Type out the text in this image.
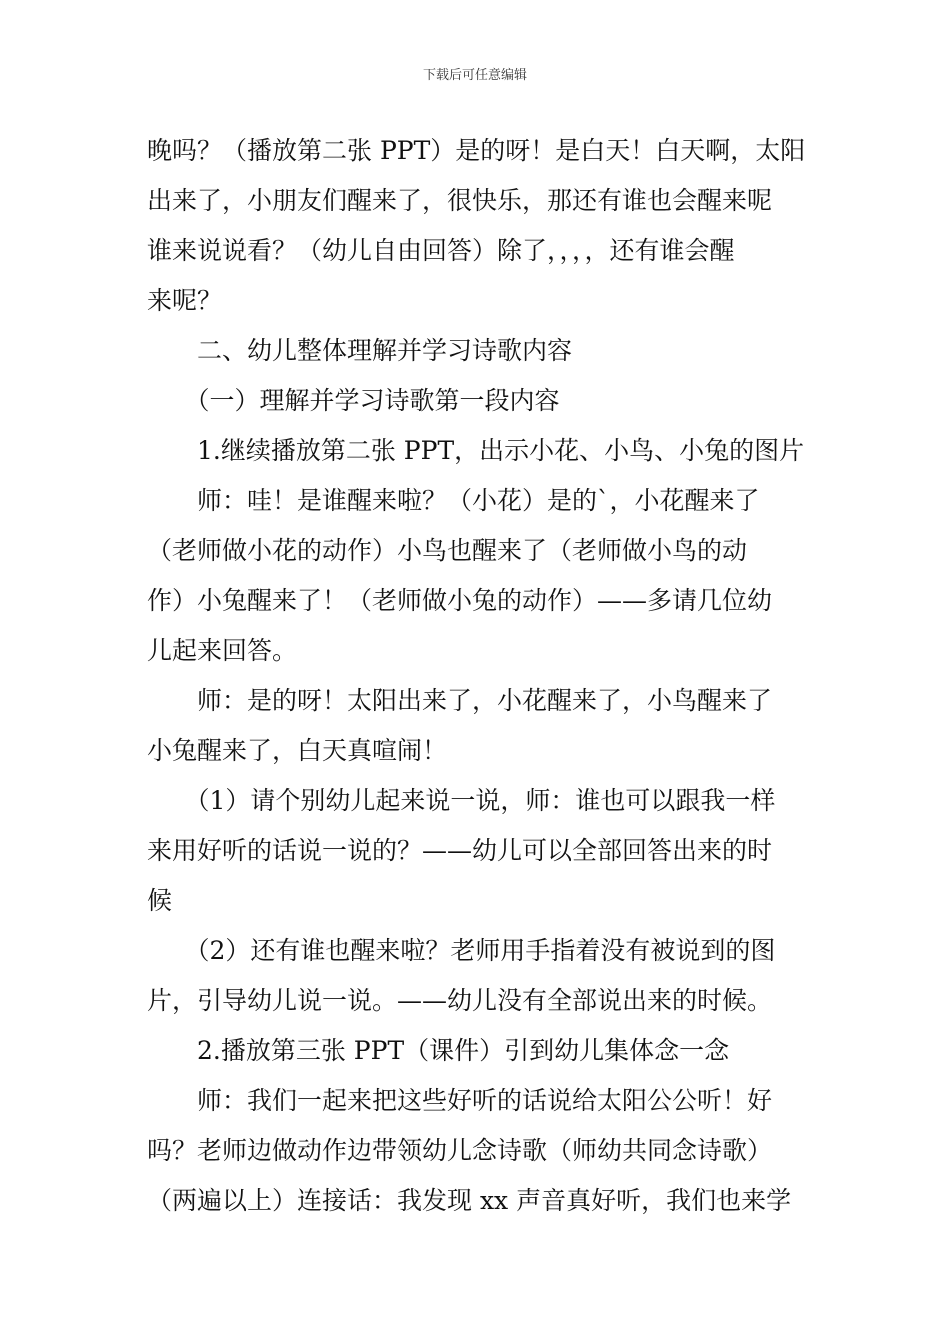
下载后可任意编辑
晚吗？（播放第二张 PPT）是的呀！是白天！白天啊，太阳
出来了，小朋友们醒来了，很快乐，那还有谁也会醒来呢
谁来说说看？（幼儿自由回答）除了，，，，还有谁会醒
来呢？
　　二、幼儿整体理解并学习诗歌内容
　　（一）理解并学习诗歌第一段内容
　　1.继续播放第二张 PPT，出示小花、小鸟、小兔的图片
　　师：哇！是谁醒来啦？（小花）是的`，小花醒来了
（老师做小花的动作）小鸟也醒来了（老师做小鸟的动
作）小兔醒来了！（老师做小兔的动作）——多请几位幼
儿起来回答。
　　师：是的呀！太阳出来了，小花醒来了，小鸟醒来了
小兔醒来了，白天真喧闹！
　　（1）请个别幼儿起来说一说，师：谁也可以跟我一样
来用好听的话说一说的？——幼儿可以全部回答出来的时
候
　　（2）还有谁也醒来啦？老师用手指着没有被说到的图
片，引导幼儿说一说。——幼儿没有全部说出来的时候。
　　2.播放第三张 PPT（课件）引到幼儿集体念一念
　　师：我们一起来把这些好听的话说给太阳公公听！好
吗？老师边做动作边带领幼儿念诗歌（师幼共同念诗歌）
（两遍以上）连接话：我发现 xx 声音真好听，我们也来学
